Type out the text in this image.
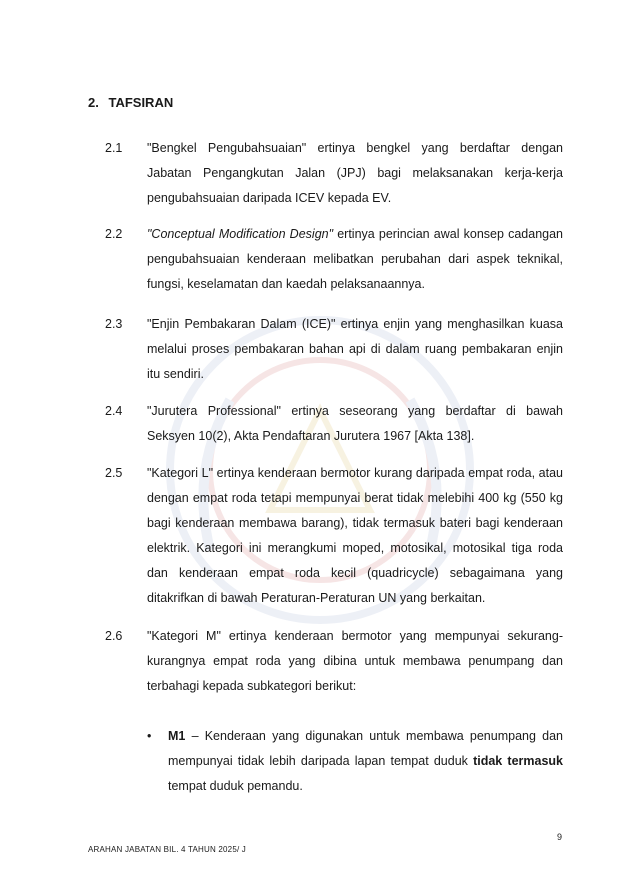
2. TAFSIRAN
2.1 "Bengkel Pengubahsuaian" ertinya bengkel yang berdaftar dengan Jabatan Pengangkutan Jalan (JPJ) bagi melaksanakan kerja-kerja pengubahsuaian daripada ICEV kepada EV.
2.2 "Conceptual Modification Design" ertinya perincian awal konsep cadangan pengubahsuaian kenderaan melibatkan perubahan dari aspek teknikal, fungsi, keselamatan dan kaedah pelaksanaannya.
2.3 "Enjin Pembakaran Dalam (ICE)" ertinya enjin yang menghasilkan kuasa melalui proses pembakaran bahan api di dalam ruang pembakaran enjin itu sendiri.
2.4 "Jurutera Professional" ertinya seseorang yang berdaftar di bawah Seksyen 10(2), Akta Pendaftaran Jurutera 1967 [Akta 138].
2.5 "Kategori L" ertinya kenderaan bermotor kurang daripada empat roda, atau dengan empat roda tetapi mempunyai berat tidak melebihi 400 kg (550 kg bagi kenderaan membawa barang), tidak termasuk bateri bagi kenderaan elektrik. Kategori ini merangkumi moped, motosikal, motosikal tiga roda dan kenderaan empat roda kecil (quadricycle) sebagaimana yang ditakrifkan di bawah Peraturan-Peraturan UN yang berkaitan.
2.6 "Kategori M" ertinya kenderaan bermotor yang mempunyai sekurang-kurangnya empat roda yang dibina untuk membawa penumpang dan terbahagi kepada subkategori berikut:
• M1 – Kenderaan yang digunakan untuk membawa penumpang dan mempunyai tidak lebih daripada lapan tempat duduk tidak termasuk tempat duduk pemandu.
9
ARAHAN JABATAN BIL. 4 TAHUN 2025/ J
